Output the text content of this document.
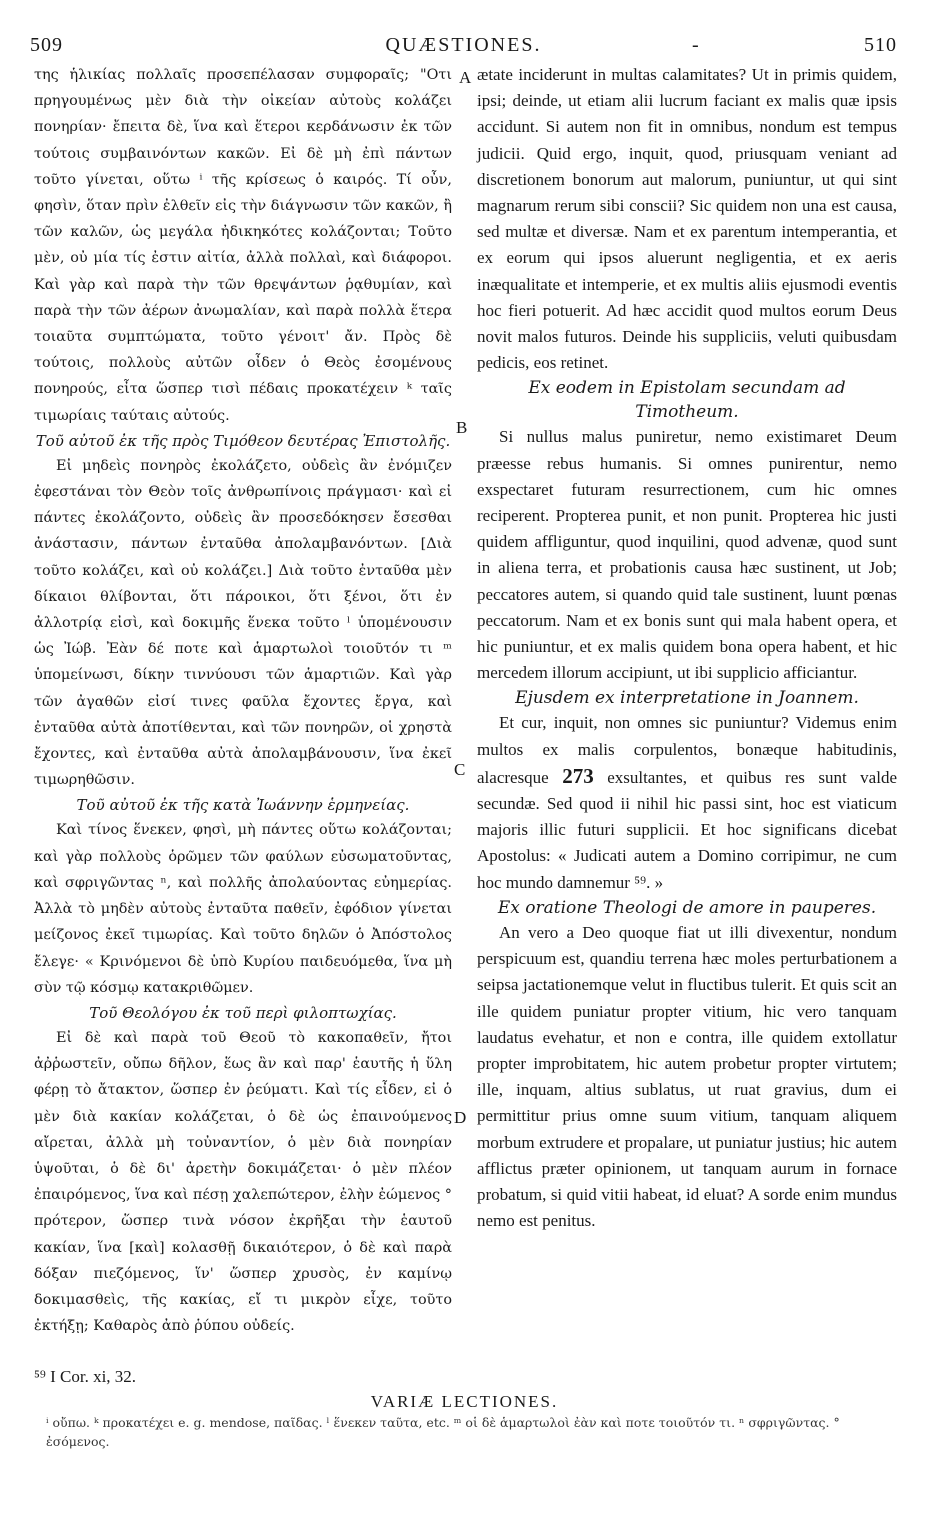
509	QUÆSTIONES.	-	510

της ἡλικίας πολλαῖς προσεπέλασαν συμφοραῖς; "Οτι πρηγουμένως μὲν διὰ τὴν οἰκείαν αὐτοὺς κολάζει πονηρίαν· ἔπειτα δὲ, ἵνα καὶ ἕτεροι κερδάνωσιν ἐκ τῶν τούτοις συμβαινόντων κακῶν. Εἰ δὲ μὴ ἐπὶ πάντων τοῦτο γίνεται, οὕτω ⁱ τῆς κρίσεως ὁ καιρός. Τί οὖν, φησὶν, ὅταν πρὶν ἐλθεῖν εἰς τὴν διάγνωσιν τῶν κακῶν, ἢ τῶν καλῶν, ὡς μεγάλα ἠδικηκότες κολάζονται; Τοῦτο μὲν, οὐ μία τίς ἐστιν αἰτία, ἀλλὰ πολλαὶ, καὶ διάφοροι. Καὶ γὰρ καὶ παρὰ τὴν τῶν θρεψάντων ῥᾳθυμίαν, καὶ παρὰ τὴν τῶν ἀέρων ἀνωμαλίαν, καὶ παρὰ πολλὰ ἕτερα τοιαῦτα συμπτώματα, τοῦτο γένοιτ' ἄν. Πρὸς δὲ τούτοις, πολλοὺς αὐτῶν οἶδεν ὁ Θεὸς ἐσομένους πονηρούς, εἶτα ὥσπερ τισὶ πέδαις προκατέχειν ᵏ ταῖς τιμωρίαις ταύταις αὐτούς.

Τοῦ αὐτοῦ ἐκ τῆς πρὸς Τιμόθεον δευτέρας Ἐπιστολῆς.

Εἰ μηδεὶς πονηρὸς ἐκολάζετο, οὐδεὶς ἂν ἐνόμιζεν ἐφεστάναι τὸν Θεὸν τοῖς ἀνθρωπίνοις πράγμασι· καὶ εἰ πάντες ἐκολάζοντο, οὐδεὶς ἂν προσεδόκησεν ἔσεσθαι ἀνάστασιν, πάντων ἐνταῦθα ἀπολαμβανόντων. [Διὰ τοῦτο κολάζει, καὶ οὐ κολάζει.] Διὰ τοῦτο ἐνταῦθα μὲν δίκαιοι θλίβονται, ὅτι πάροικοι, ὅτι ξένοι, ὅτι ἐν ἀλλοτρίᾳ εἰσὶ, καὶ δοκιμῆς ἕνεκα τοῦτο ˡ ὑπομένουσιν ὡς Ἰώβ. Ἐὰν δέ ποτε καὶ ἁμαρτωλοὶ τοιοῦτόν τι ᵐ ὑπομείνωσι, δίκην τιννύουσι τῶν ἁμαρτιῶν. Καὶ γὰρ τῶν ἀγαθῶν εἰσί τινες φαῦλα ἔχοντες ἔργα, καὶ ἐνταῦθα αὐτὰ ἀποτίθενται, καὶ τῶν πονηρῶν, οἱ χρηστὰ ἔχοντες, καὶ ἐνταῦθα αὐτὰ ἀπολαμβάνουσιν, ἵνα ἐκεῖ τιμωρηθῶσιν.

Τοῦ αὐτοῦ ἐκ τῆς κατὰ Ἰωάννην ἑρμηνείας.

Καὶ τίνος ἕνεκεν, φησὶ, μὴ πάντες οὕτω κολάζονται; καὶ γὰρ πολλοὺς ὁρῶμεν τῶν φαύλων εὐσωματοῦντας, καὶ σφριγῶντας ⁿ, καὶ πολλῆς ἀπολαύοντας εὐημερίας. Ἀλλὰ τὸ μηδὲν αὐτοὺς ἐνταῦτα παθεῖν, ἐφόδιον γίνεται μείζονος ἐκεῖ τιμωρίας. Καὶ τοῦτο δηλῶν ὁ Ἀπόστολος ἔλεγε· « Κρινόμενοι δὲ ὑπὸ Κυρίου παιδευόμεθα, ἵνα μὴ σὺν τῷ κόσμῳ κατακριθῶμεν.

Τοῦ Θεολόγου ἐκ τοῦ περὶ φιλοπτωχίας.

Εἰ δὲ καὶ παρὰ τοῦ Θεοῦ τὸ κακοπαθεῖν, ἤτοι ἀῤῥωστεῖν, οὔπω δῆλον, ἕως ἂν καὶ παρ' ἑαυτῆς ἡ ὕλη φέρῃ τὸ ἄτακτον, ὥσπερ ἐν ῥεύματι. Καὶ τίς εἶδεν, εἰ ὁ μὲν διὰ κακίαν κολάζεται, ὁ δὲ ὡς ἐπαινούμενος αἴρεται, ἀλλὰ μὴ τοὐναντίον, ὁ μὲν διὰ πονηρίαν ὑψοῦται, ὁ δὲ δι' ἀρετὴν δοκιμάζεται· ὁ μὲν πλέον ἐπαιρόμενος, ἵνα καὶ πέσῃ χαλεπώτερον, ἐλὴν ἐώμενος ° πρότερον, ὥσπερ τινὰ νόσον ἐκρῆξαι τὴν ἑαυτοῦ κακίαν, ἵνα [καὶ] κολασθῇ δικαιότερον, ὁ δὲ καὶ παρὰ δόξαν πιεζόμενος, ἵν' ὥσπερ χρυσὸς, ἐν καμίνῳ δοκιμασθεὶς, τῆς κακίας, εἴ τι μικρὸν εἶχε, τοῦτο ἐκτήξῃ; Καθαρὸς ἀπὸ ῥύπου οὐδείς.

ætate inciderunt in multas calamitates? Ut in primis quidem, ipsi; deinde, ut etiam alii lucrum faciant ex malis quæ ipsis accidunt. Si autem non fit in omnibus, nondum est tempus judicii. Quid ergo, inquit, quod, priusquam veniant ad discretionem bonorum aut malorum, puniuntur, ut qui sint magnarum rerum sibi conscii? Sic quidem non una est causa, sed multæ et diversæ. Nam et ex parentum intemperantia, et ex eorum qui ipsos aluerunt negligentia, et ex aeris inæqualitate et intemperie, et ex multis aliis ejusmodi eventis hoc fieri potuerit. Ad hæc accidit quod multos eorum Deus novit malos futuros. Deinde his suppliciis, veluti quibusdam pedicis, eos retinet.

Ex eodem in Epistolam secundam ad Timotheum.

Si nullus malus puniretur, nemo existimaret Deum præesse rebus humanis. Si omnes punirentur, nemo exspectaret futuram resurrectionem, cum hic omnes reciperent. Propterea punit, et non punit. Propterea hic justi quidem affliguntur, quod inquilini, quod advenæ, quod sunt in aliena terra, et probationis causa hæc sustinent, ut Job; peccatores autem, si quando quid tale sustinent, luunt pœnas peccatorum. Nam et ex bonis sunt qui mala habent opera, et hic puniuntur, et ex malis quidem bona opera habent, et hic mercedem illorum accipiunt, ut ibi supplicio afficiantur.

Ejusdem ex interpretatione in Joannem.

Et cur, inquit, non omnes sic puniuntur? Videmus enim multos ex malis corpulentos, bonæque habitudinis, alacresque 273 exsultantes, et quibus res sunt valde secundæ. Sed quod ii nihil hic passi sint, hoc est viaticum majoris illic futuri supplicii. Et hoc significans dicebat Apostolus: « Judicati autem a Domino corripimur, ne cum hoc mundo damnemur ⁵⁹. »

Ex oratione Theologi de amore in pauperes.

An vero a Deo quoque fiat ut illi divexentur, nondum perspicuum est, quandiu terrena hæc moles perturbationem a seipsa jactationemque velut in fluctibus tulerit. Et quis scit an ille quidem puniatur propter vitium, hic vero tanquam laudatus evehatur, et non e contra, ille quidem extollatur propter improbitatem, hic autem probetur propter virtutem; ille, inquam, altius sublatus, ut ruat gravius, dum ei permittitur prius omne suum vitium, tanquam aliquem morbum extrudere et propalare, ut puniatur justius; hic autem afflictus præter opinionem, ut tanquam aurum in fornace probatum, si quid vitii habeat, id eluat? A sorde enim mundus nemo est penitus.

A
B
C
D
⁵⁹ I Cor. xi, 32.
VARIÆ LECTIONES.
ⁱ οὔπω. ᵏ προκατέχει e. g. mendose, παῖδας. ˡ ἕνεκεν ταῦτα, etc. ᵐ οἱ δὲ ἁμαρτωλοὶ ἐὰν καὶ ποτε τοιοῦτόν τι. ⁿ σφριγῶντας. ° ἐσόμενος.
